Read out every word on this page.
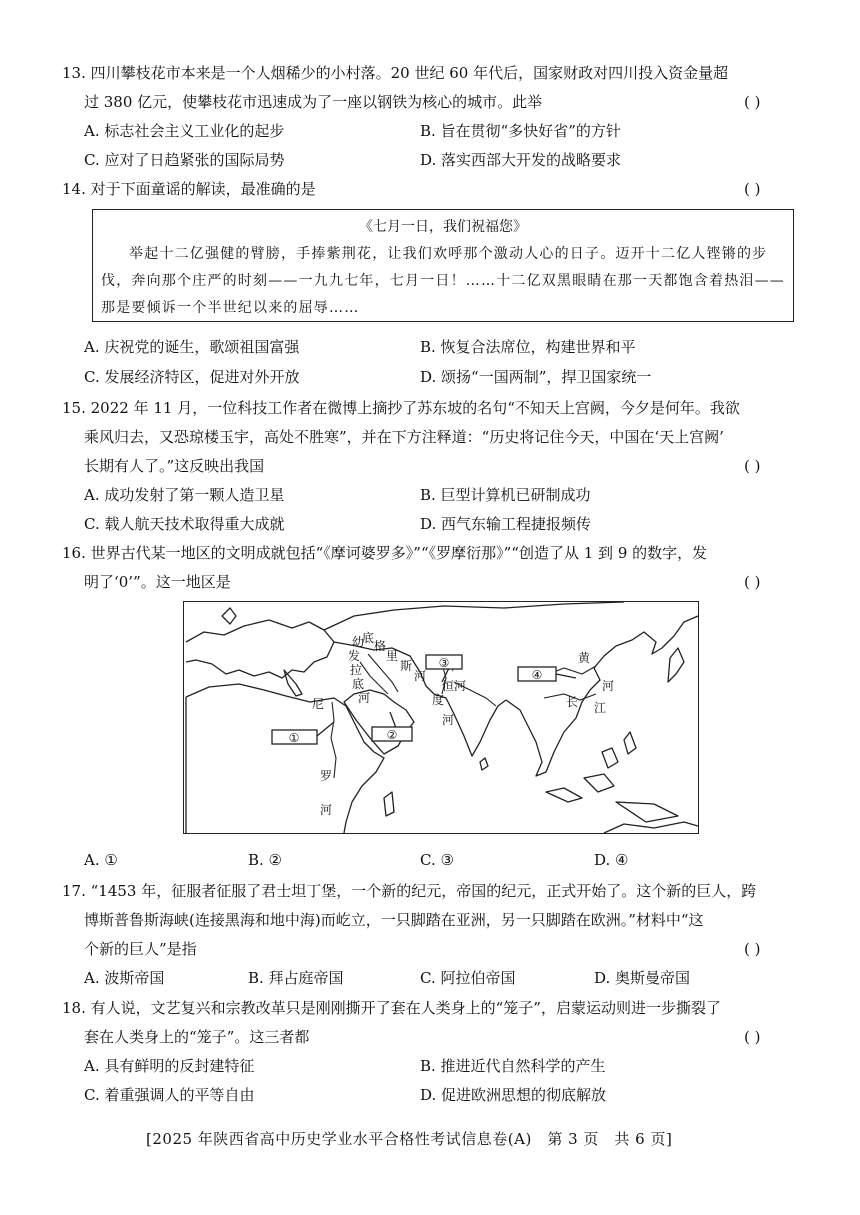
13. 四川攀枝花市本来是一个人烟稀少的小村落。20 世纪 60 年代后，国家财政对四川投入资金量超
过 380 亿元，使攀枝花市迅速成为了一座以钢铁为核心的城市。此举	( )
A. 标志社会主义工业化的起步	B. 旨在贯彻“多快好省”的方针
C. 应对了日趋紧张的国际局势	D. 落实西部大开发的战略要求
14. 对于下面童谣的解读，最准确的是	( )
《七月一日，我们祝福您》
举起十二亿强健的臂膀，手捧紫荆花，让我们欢呼那个激动人心的日子。迈开十二亿人铿锵的步伐，奔向那个庄严的时刻——一九九七年，七月一日！……十二亿双黑眼睛在那一天都饱含着热泪——那是要倾诉一个半世纪以来的屈辱……
A. 庆祝党的诞生，歌颂祖国富强	B. 恢复合法席位，构建世界和平
C. 发展经济特区，促进对外开放	D. 颂扬“一国两制”，捍卫国家统一
15. 2022 年 11 月，一位科技工作者在微博上摘抄了苏东坡的名句“不知天上宫阙，今夕是何年。我欲
乘风归去，又恐琼楼玉宇，高处不胜寒”，并在下方注释道：“历史将记住今天，中国在‘天上宫阙’
长期有人了。”这反映出我国	( )
A. 成功发射了第一颗人造卫星	B. 巨型计算机已研制成功
C. 载人航天技术取得重大成就	D. 西气东输工程捷报频传
16. 世界古代某一地区的文明成就包括“《摩诃婆罗多》”“《罗摩衍那》”“创造了从 1 到 9 的数字，发
明了‘0’”。这一地区是	( )
尼
罗
河
幼
发
拉
底
河
底
格
里
斯
河
度
河
恒 河
黄
河
长 江
①	②
③
④
A. ①	B. ②	C. ③	D. ④
17. “1453 年，征服者征服了君士坦丁堡，一个新的纪元，帝国的纪元，正式开始了。这个新的巨人，跨
博斯普鲁斯海峡(连接黑海和地中海)而屹立，一只脚踏在亚洲，另一只脚踏在欧洲。”材料中“这
个新的巨人”是指	( )
A. 波斯帝国	B. 拜占庭帝国	C. 阿拉伯帝国	D. 奥斯曼帝国
18. 有人说，文艺复兴和宗教改革只是刚刚撕开了套在人类身上的“笼子”，启蒙运动则进一步撕裂了
套在人类身上的“笼子”。这三者都	( )
A. 具有鲜明的反封建特征	B. 推进近代自然科学的产生
C. 着重强调人的平等自由	D. 促进欧洲思想的彻底解放
[2025 年陕西省高中历史学业水平合格性考试信息卷(A)　第 3 页　共 6 页]
